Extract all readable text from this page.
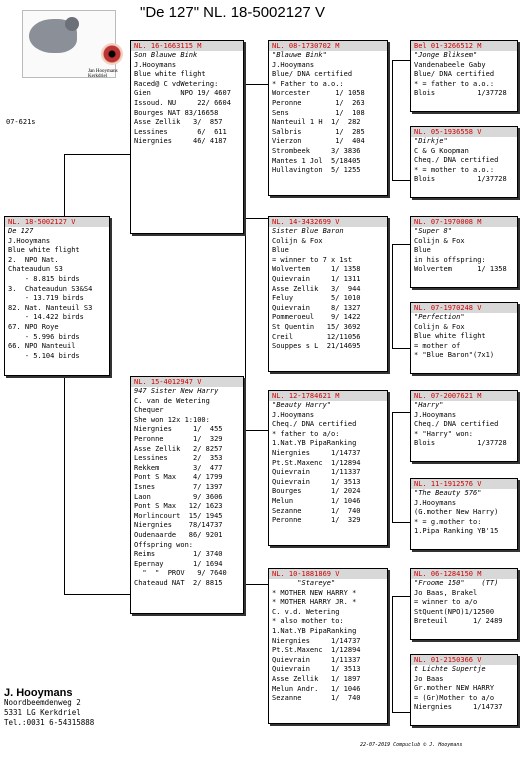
"De 127" NL. 18-5002127 V
Jan Hooymans
Kerkdriel
07-621s
NL. 18-5002127 V
De 127
J.Hooymans
Blue white flight
2.  NPO Nat.
Chateaudun S3
- 8.815 birds
3.  Chateaudun S3&S4
- 13.719 birds
82. Nat. Nanteuil S3
- 14.422 birds
67. NPO Roye
- 5.996 birds
66. NPO Nanteuil
- 5.104 birds
NL. 16-1663115 M
Son Blauwe Bink
J.Hooymans
Blue white flight
Raced@ C vdWetering:
Gien       NPO 19/ 4607
Issoud. NU     22/ 6604
Bourges NAT 83/16658
Asse Zellik   3/  857
Lessines       6/  611
Niergnies     46/ 4187
NL. 15-4012947 V
947 Sister New Harry
C. van de Wetering
Chequer
She won 12x 1:100:
Niergnies     1/  455
Peronne       1/  329
Asse Zellik   2/ 8257
Lessines      2/  353
Rekkem        3/  477
Pont S Max    4/ 1799
Isnes         7/ 1397
Laon          9/ 3606
Pont S Max   12/ 1623
Morlincourt  15/ 1945
Niergnies    78/14737
Oudenaarde   86/ 9201
Offspring won:
Reims         1/ 3740
Epernay       1/ 1694
"  "  PROV   9/ 7640
Chateaud NAT  2/ 8815
NL. 08-1730702 M
"Blauwe Bink"
J.Hooymans
Blue/ DNA certified
* Father to a.o.:
Worcester      1/ 1058
Peronne        1/  263
Sens           1/  108
Nanteuil 1 H  1/  282
Salbris        1/  285
Vierzon        1/  404
Strombeek     3/ 3836
Mantes 1 Jol  5/18405
Hullavington  5/ 1255
NL. 14-3432699 V
Sister Blue Baron
Colijn & Fox
Blue
= winner to 7 x 1st
Wolvertem     1/ 1358
Quievrain     1/ 1311
Asse Zellik   3/  944
Feluy         5/ 1010
Quievrain     8/ 1327
Pommeroeul    9/ 1422
St Quentin   15/ 3692
Creil        12/11056
Souppes s L  21/14695
NL. 12-1784621 M
"Beauty Harry"
J.Hooymans
Cheq./ DNA certified
* father to a/o:
1.Nat.YB PipaRanking
Niergnies     1/14737
Pt.St.Maxenc  1/12894
Quievrain     1/11337
Quievrain     1/ 3513
Bourges       1/ 2024
Melun         1/ 1046
Sezanne       1/  740
Peronne       1/  329
NL. 10-1881869 V
"Stareye"
* MOTHER NEW HARRY *
* MOTHER HARRY JR. *
C. v.d. Wetering
* also mother to:
1.Nat.YB PipaRanking
Niergnies     1/14737
Pt.St.Maxenc  1/12894
Quievrain     1/11337
Quievrain     1/ 3513
Asse Zellik   1/ 1897
Melun Andr.   1/ 1046
Sezanne       1/  740
Bel 01-3266512 M
"Jonge Bliksem"
Vandenabeele Gaby
Blue/ DNA certified
* = father to a.o.:
Blois          1/37728
NL. 05-1936558 V
"Dirkje"
C & G Koopman
Cheq./ DNA certified
* = mother to a.o.:
Blois          1/37728
NL. 07-1970008 M
"Super 8"
Colijn & Fox
Blue
in his offspring:
Wolvertem      1/ 1358
NL. 07-1970248 V
"Perfection"
Colijn & Fox
Blue white flight
= mother of
* "Blue Baron"(7x1)
NL. 07-2007621 M
"Harry"
J.Hooymans
Cheq./ DNA certified
* "Harry" won:
Blois          1/37728
NL. 11-1912576 V
"The Beauty 576"
J.Hooymans
(G.mother New Harry)
* = g.mother to:
1.Pipa Ranking YB'15
NL. 06-1284150 M
"Froome 150"    (TT)
Jo Baas, Brakel
= winner to a/o
StQuent(NPO)1/12500
Breteuil      1/ 2489
NL. 01-2150366 V
t Lichte Supertje
Jo Baas
Gr.mother NEW HARRY
= (Gr)Mother to a/o
Niergnies     1/14737
J. Hooymans
Noordbeemdenweg 2
5331 LG Kerkdriel
Tel.:0031 6-54315888
22-07-2019 Compuclub © J. Hooymans
